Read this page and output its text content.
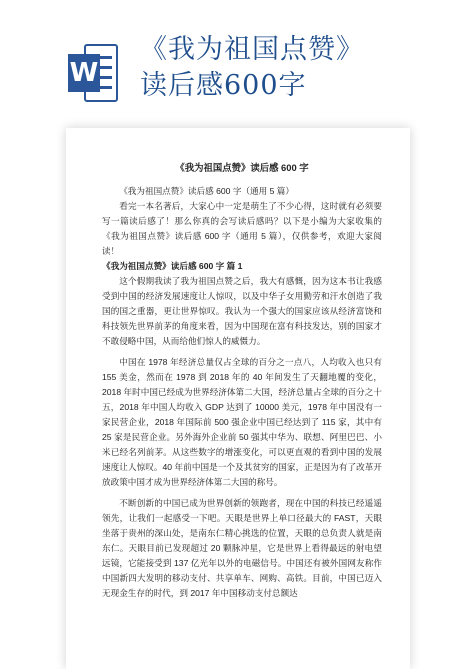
W
《我为祖国点赞》
读后感600字
《我为祖国点赞》读后感 600 字

《我为祖国点赞》读后感 600 字（通用 5 篇）

看完一本名著后，大家心中一定是萌生了不少心得，这时就有必须要写一篇读后感了！那么你真的会写读后感吗？以下是小编为大家收集的《我为祖国点赞》读后感 600 字（通用 5 篇），仅供参考，欢迎大家阅读！

《我为祖国点赞》读后感 600 字 篇 1

这个假期我读了我为祖国点赞之后，我大有感慨，因为这本书让我感受到中国的经济发展速度让人惊叹，以及中华子女用勤劳和汗水创造了我国的国之重器，更让世界惊叹。我认为一个强大的国家应该从经济富饶和科技领先世界前茅的角度来看，因为中国现在富有科技发达，别的国家才不敢侵略中国，从而给他们惊人的威慑力。

中国在 1978 年经济总量仅占全球的百分之一点八，人均收入也只有 155 美金，然而在 1978 到 2018 年的 40 年间发生了天翻地覆的变化，2018 年时中国已经成为世界经济体第二大国，经济总量占全球的百分之十五，2018 年中国人均收入 GDP 达到了 10000 美元，1978 年中国没有一家民营企业，2018 年国际前 500 强企业中国已经达到了 115 家，其中有 25 家是民营企业。另外海外企业前 50 强其中华为、联想、阿里巴巴、小米已经名列前茅。从这些数字的增涨变化，可以更直观的看到中国的发展速度让人惊叹。40 年前中国是一个及其贫穷的国家，正是因为有了改革开放政策中国才成为世界经济体第二大国的称号。

不断创新的中国已成为世界创新的领跑者，现在中国的科技已经遥遥领先，让我们一起感受一下吧。天眼是世界上单口径最大的 FAST，天眼坐落于贵州的深山处，是南东仁精心挑选的位置，天眼的总负责人就是南东仁。天眼目前已发现超过 20 颗脉冲星，它是世界上看得最远的射电望远镜，它能接受到 137 亿光年以外的电磁信号。中国还有被外国网友称作中国新四大发明的移动支付、共享单车、网购、高铁。目前，中国已迈入无现金生存的时代，到 2017 年中国移动支付总额达
